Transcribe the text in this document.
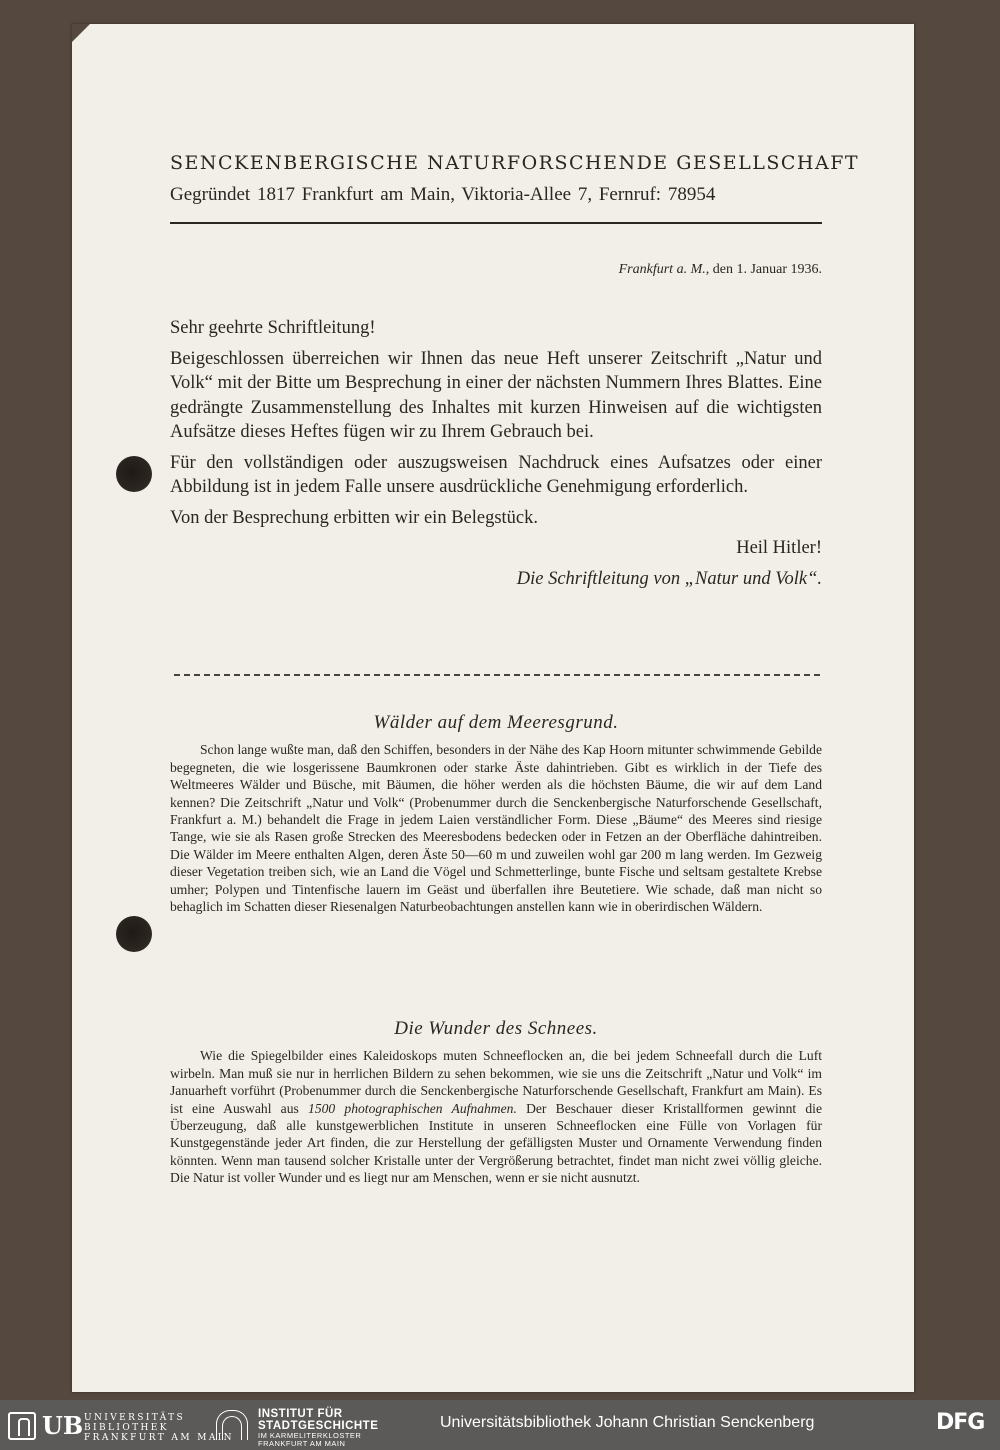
SENCKENBERGISCHE NATURFORSCHENDE GESELLSCHAFT
Gegründet 1817 Frankfurt am Main, Viktoria-Allee 7, Fernruf: 78954
Frankfurt a. M., den 1. Januar 1936.

Sehr geehrte Schriftleitung!

Beigeschlossen überreichen wir Ihnen das neue Heft unserer Zeitschrift „Natur und Volk“ mit der Bitte um Besprechung in einer der nächsten Nummern Ihres Blattes. Eine gedrängte Zusammenstellung des Inhaltes mit kurzen Hinweisen auf die wichtigsten Aufsätze dieses Heftes fügen wir zu Ihrem Gebrauch bei.

Für den vollständigen oder auszugsweisen Nachdruck eines Aufsatzes oder einer Abbildung ist in jedem Falle unsere ausdrückliche Genehmigung erforderlich.

Von der Besprechung erbitten wir ein Belegstück.

Heil Hitler!

Die Schriftleitung von „Natur und Volk“.

Wälder auf dem Meeresgrund.

Schon lange wußte man, daß den Schiffen, besonders in der Nähe des Kap Hoorn mitunter schwimmende Gebilde begegneten, die wie losgerissene Baumkronen oder starke Äste dahintrieben. Gibt es wirklich in der Tiefe des Weltmeeres Wälder und Büsche, mit Bäumen, die höher werden als die höchsten Bäume, die wir auf dem Land kennen? Die Zeitschrift „Natur und Volk“ (Probenummer durch die Senckenbergische Naturforschende Gesellschaft, Frankfurt a. M.) behandelt die Frage in jedem Laien verständlicher Form. Diese „Bäume“ des Meeres sind riesige Tange, wie sie als Rasen große Strecken des Meeresbodens bedecken oder in Fetzen an der Oberfläche dahintreiben. Die Wälder im Meere enthalten Algen, deren Äste 50—60 m und zuweilen wohl gar 200 m lang werden. Im Gezweig dieser Vegetation treiben sich, wie an Land die Vögel und Schmetterlinge, bunte Fische und seltsam gestaltete Krebse umher; Polypen und Tintenfische lauern im Geäst und überfallen ihre Beutetiere. Wie schade, daß man nicht so behaglich im Schatten dieser Riesenalgen Naturbeobachtungen anstellen kann wie in oberirdischen Wäldern.

Die Wunder des Schnees.

Wie die Spiegelbilder eines Kaleidoskops muten Schneeflocken an, die bei jedem Schneefall durch die Luft wirbeln. Man muß sie nur in herrlichen Bildern zu sehen bekommen, wie sie uns die Zeitschrift „Natur und Volk“ im Januarheft vorführt (Probenummer durch die Senckenbergische Naturforschende Gesellschaft, Frankfurt am Main). Es ist eine Auswahl aus 1500 photographischen Aufnahmen. Der Beschauer dieser Kristallformen gewinnt die Überzeugung, daß alle kunstgewerblichen Institute in unseren Schneeflocken eine Fülle von Vorlagen für Kunstgegenstände jeder Art finden, die zur Herstellung der gefälligsten Muster und Ornamente Verwendung finden könnten. Wenn man tausend solcher Kristalle unter der Vergrößerung betrachtet, findet man nicht zwei völlig gleiche. Die Natur ist voller Wunder und es liegt nur am Menschen, wenn er sie nicht ausnutzt.

UB UNIVERSITÄTS
BIBLIOTHEK
FRANKFURT AM MAIN
INSTITUT FÜR
STADTGESCHICHTE
IM KARMELITERKLOSTER
FRANKFURT AM MAIN
Universitätsbibliothek Johann Christian Senckenberg	DFG
